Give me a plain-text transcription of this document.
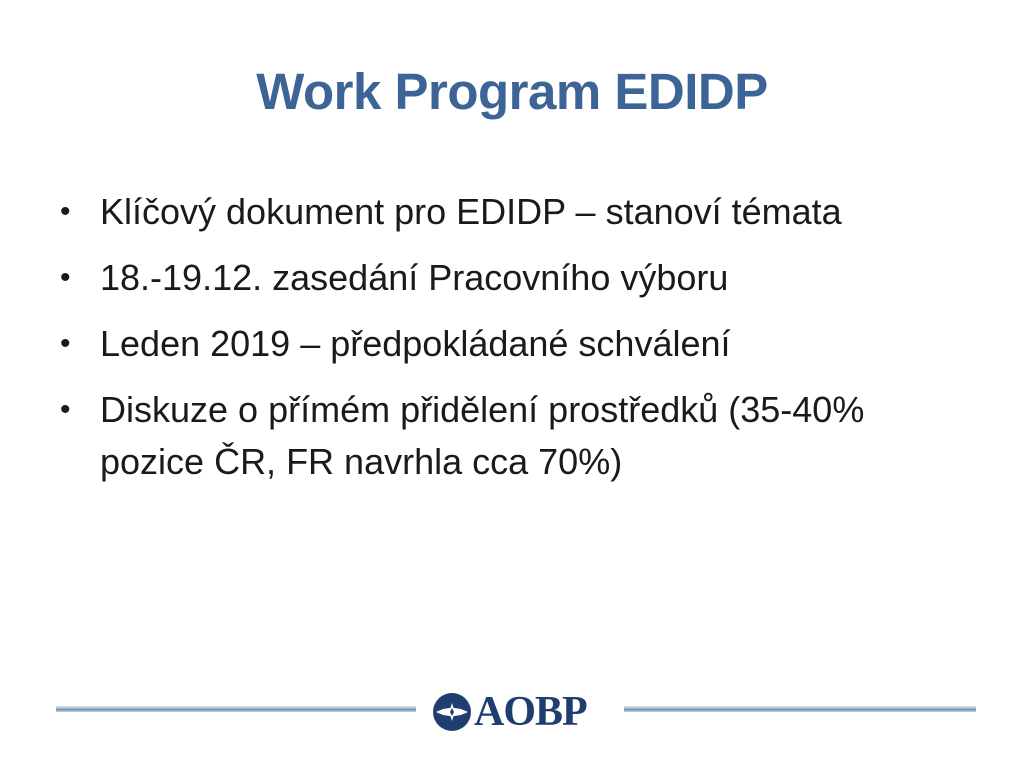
Work Program EDIDP
• Klíčový dokument pro EDIDP – stanoví témata
• 18.-19.12. zasedání Pracovního výboru
• Leden 2019 – předpokládané schválení
• Diskuze o přímém přidělení prostředků (35-40% pozice ČR, FR navrhla cca 70%)
AOBP
